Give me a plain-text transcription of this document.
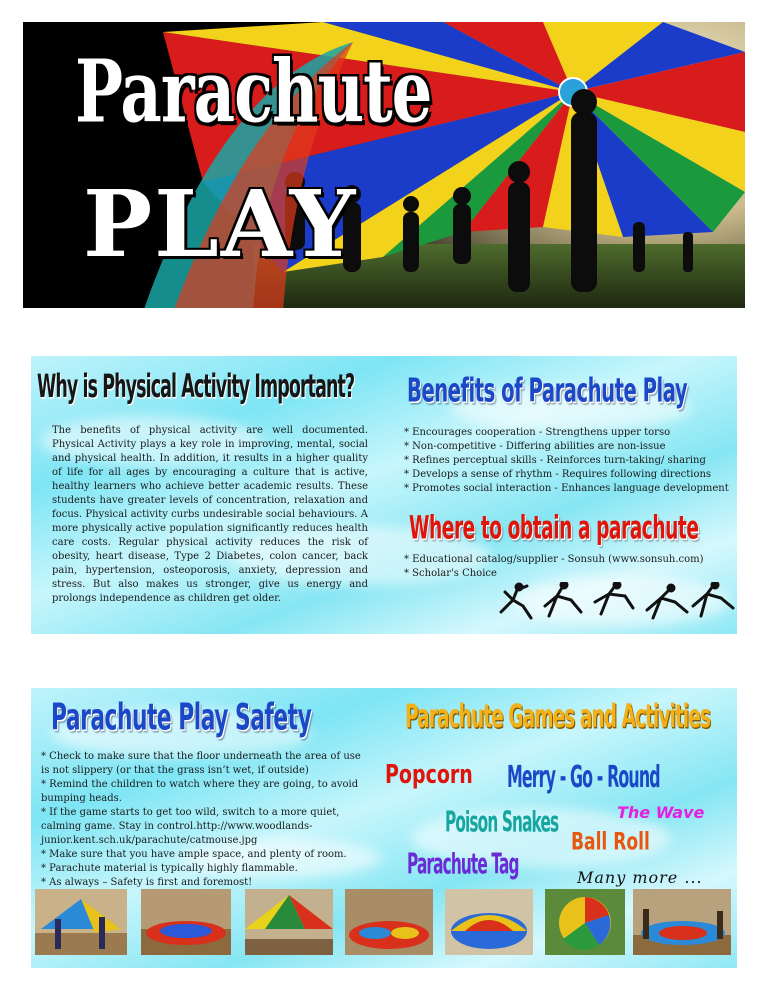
Parachute
PLAY
Why is Physical Activity Important?
The benefits of physical activity are well documented. Physical Activity plays a key role in improving, mental, social and physical health. In addition, it results in a higher quality of life for all ages by encouraging a culture that is active, healthy learners who achieve better academic results. These students have greater levels of concentration, relaxation and focus. Physical activity curbs undesirable social behaviours. A more physically active population significantly reduces health care costs. Regular physical activity reduces the risk of obesity, heart disease, Type 2 Diabetes, colon cancer, back pain, hypertension, osteoporosis, anxiety, depression and stress. But also makes us stronger, give us energy and prolongs independence as children get older.
Benefits of Parachute Play
* Encourages cooperation - Strengthens upper torso
* Non-competitive - Differing abilities are non-issue
* Refines perceptual skills - Reinforces turn-taking/ sharing
* Develops a sense of rhythm - Requires following directions
* Promotes social interaction - Enhances language development
Where to obtain a parachute
* Educational catalog/supplier - Sonsuh (www.sonsuh.com)
* Scholar's Choice
Parachute Play Safety
* Check to make sure that the floor underneath the area of use is not slippery (or that the grass isn’t wet, if outside)
* Remind the children to watch where they are going, to avoid bumping heads.
* If the game starts to get too wild, switch to a more quiet, calming game. Stay in control.http://www.woodlands-junior.kent.sch.uk/parachute/catmouse.jpg
* Make sure that you have ample space, and plenty of room.
* Parachute material is typically highly flammable.
* As always – Safety is first and foremost!
Parachute Games and Activities
Popcorn Merry - Go - Round
The Wave
Poison Snakes
Ball Roll
Parachute Tag	Many more ...
